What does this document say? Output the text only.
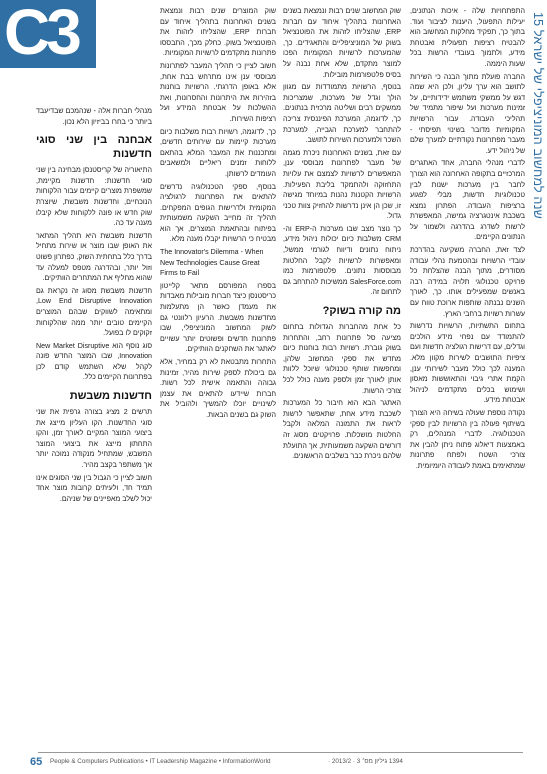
C3	15 שנה למחשוב המוניציפלי של ישראל

התפתחויות שלה - איכות הנתונים, יעילות התפעול, היענות לציבור ועוד. בתוך כך, תפקיד מחלקות המחשוב הוא להבטיח רציפות תפעולית ואבטחת מידע, ולתמוך בעובדי הרשות בכל שעות היממה.

החברה פועלת מתוך הבנה כי השירות לתושב הוא ערך עליון, ולכן היא שמה דגש על ממשקי משתמש ידידותיים, על זמינות מערכות ועל שיפור מתמיד של תהליכי העבודה. עבור הרשויות המקומיות מדובר בשינוי תפיסתי - מעבר מפתרונות נקודתיים למערך שלם של ניהול ידע.

לדברי מנהלי החברה, אחד האתגרים המרכזיים בתקופה האחרונה הוא הצורך לחבר בין מערכות ישנות לבין טכנולוגיות חדשות, מבלי לפגוע ברציפות העבודה. הפתרון נמצא בשכבת אינטגרציה גמישה, המאפשרת לרשות לשדרג בהדרגה ולשמור על הנתונים הקיימים.

לצד זאת, החברה משקיעה בהדרכת עובדי הרשויות ובהטמעת נהלי עבודה מסודרים, מתוך הבנה שהצלחת כל פרויקט טכנולוגי תלויה במידה רבה באנשים שמפעילים אותו. כך, לאורך השנים נבנתה שותפות ארוכת טווח עם עשרות רשויות ברחבי הארץ.

בתחום התשתיות, הרשויות נדרשות להתמודד עם נפחי מידע הולכים וגדלים, עם דרישות רגולציה חדשות ועם ציפיות התושבים לשירות מקוון מלא. המענה לכך כולל מעבר לשירותי ענן, הקמת אתרי גיבוי והתאוששות מאסון ושימוש בכלים מתקדמים לניהול אבטחת מידע.

נקודה נוספת שעולה בשיחה היא הצורך בשיתוף פעולה בין הרשויות לבין ספקי הטכנולוגיה. לדברי המנהלים, רק באמצעות דיאלוג פתוח ניתן להבין את צורכי השטח ולפתח פתרונות שמתאימים באמת לעבודה היומיומית.

שוק המחשוב שנים רבות ונמצאת בשנים האחרונות בתהליך איחוד עם חברות ERP, שהצליחו לזהות את הפוטנציאל בשוק של המוניציפליים והתאגידים. כך, שהמערכות לרשויות המקומיות הפכו למוצר מתקדם, שלא אחת נבנה על בסיס פלטפורמות מובילות.

בנוסף, הרשויות מתמודדות עם מגוון הולך וגדל של מערכות, שמצריכות ממשקים רבים ושליטה מרכזית בנתונים. כך, לדוגמה, המערכת הפיננסית צריכה להתחבר למערכת הגבייה, למערכת השכר ולמערכות השירות לתושב.

עם זאת, בשנים האחרונות ניכרת מגמה של מעבר לפתרונות מבוססי ענן, המאפשרים לרשויות לצמצם את עלויות התחזוקה ולהתמקד בליבת הפעילות. הרשויות הקטנות נהנות במיוחד מגישה זו, שכן הן אינן נדרשות להחזיק צוות טכני גדול.

כך נוצר מצב שבו מערכות ה-ERP וה-CRM משלבות כיום יכולות ניהול מידע, ניתוח נתונים ודיווח לגורמי ממשל, ומאפשרות לרשויות לקבל החלטות מבוססות נתונים. פלטפורמות כמו SalesForce.com ממשיכות להתרחב גם לתחום זה.

מה קורה בשוק?

כל אחת מהחברות הגדולות בתחום מציעה סל פתרונות רחב, והתחרות בשוק גוברת. רשויות רבות בוחנות כיום מחדש את ספקי המחשוב שלהן, ומחפשות שותף טכנולוגי שיוכל ללוות אותן לאורך זמן ולספק מענה כולל לכל צורכי הרשות.

האתגר הבא הוא חיבור כל המערכות לשכבת מידע אחת, שתאפשר לרשות לראות את התמונה המלאה ולקבל החלטות מושכלות. פרויקטים מסוג זה דורשים השקעה משמעותית, אך התועלת שלהם ניכרת כבר בשלבים הראשונים.

שוק המוצרים שנים רבות ונמצאת בשנים האחרונות בתהליך איחוד עם חברות ERP, שהצליחו לזהות את הפוטנציאל בשוק. כחלק מכך, התבססו פתרונות מתקדמים לרשויות המקומיות.

חשוב לציין כי תהליך המעבר לפתרונות מבוססי ענן אינו מתרחש בבת אחת, אלא באופן הדרגתי. הרשויות בוחנות בזהירות את היתרונות והחסרונות, ואת ההשלכות על אבטחת המידע ועל רציפות השירות.

כך, לדוגמה, רשויות רבות משלבות כיום מערכות קיימות עם שירותים חדשים, ומתכננות את המעבר המלא בהתאם ללוחות זמנים ריאליים ולמשאבים העומדים לרשותן.

בנוסף, ספקי הטכנולוגיה נדרשים להתאים את הפתרונות לרגולציה המקומית ולדרישות הגופים המפקחים. תהליך זה מחייב השקעה משמעותית בפיתוח ובהתאמת המוצרים, אך הוא מבטיח כי הרשויות יקבלו מענה מלא.

The Innovator's Dilemma - When New Technologies Cause Great Firms to Fail

בספרו המפורסם מתאר קלייטון כריסטנסן כיצד חברות מובילות מאבדות את מעמדן כאשר הן מתעלמות מחדשנות משבשת. הרעיון רלוונטי גם לשוק המחשוב המוניציפלי, שבו פתרונות חדשים ופשוטים יותר עשויים לאתגר את השחקנים הוותיקים.

התחרות מתבטאת לא רק במחיר, אלא גם ביכולת לספק שירות מהיר, זמינות גבוהה והתאמה אישית לכל רשות. חברות שיידעו להתאים את עצמן לשינויים יוכלו להמשיך ולהוביל את השוק גם בשנים הבאות.

מנהלי חברות אלה - שנהמכם שבדיעבד ביותר כי בחרו בביזיון הלא נכון.

אבחנה בין שני סוגי חדשנות

התיאוריה של קריסטנסן מבחינה בין שני סוגי חדשנות: חדשנות מקיימת, שמשפרת מוצרים קיימים עבור הלקוחות הנוכחיים, וחדשנות משבשת, שיוצרת שוק חדש או פונה ללקוחות שלא קיבלו מענה עד כה.

חדשנות משבשת היא תהליך המתאר את האופן שבו מוצר או שירות מתחיל בדרך כלל בתחתית השוק, כפתרון פשוט וזול יותר, ובהדרגה מטפס למעלה עד שהוא מחליף את המתחרים הוותיקים.

חדשנות משבשת מסוג זה נקראת גם Low End Disruptive Innovation, ומתאימה לשווקים שבהם המוצרים הקיימים טובים יותר ממה שהלקוחות זקוקים לו בפועל.

סוג נוסף הוא New Market Disruptive Innovation, שבו המוצר החדש פונה לקהל שלא השתמש קודם לכן בפתרונות הקיימים כלל.

חדשנות משבשת

תרשים 2 מציג בצורה גרפית את שני סוגי החדשנות. הקו העליון מייצג את ביצועי המוצר המקיים לאורך זמן, והקו התחתון מייצג את ביצועי המוצר המשבש, שמתחיל מנקודה נמוכה יותר אך משתפר בקצב מהיר.

חשוב לציין כי הגבול בין שני הסוגים אינו תמיד חד, ולעיתים קרובות מוצר אחד יכול לשלב מאפיינים של שניהם.

65 People & Computers Publications • IT Leadership Magazine • InformationWorld	1394 גיליון מס׳ 3 · 2013/2 ·
